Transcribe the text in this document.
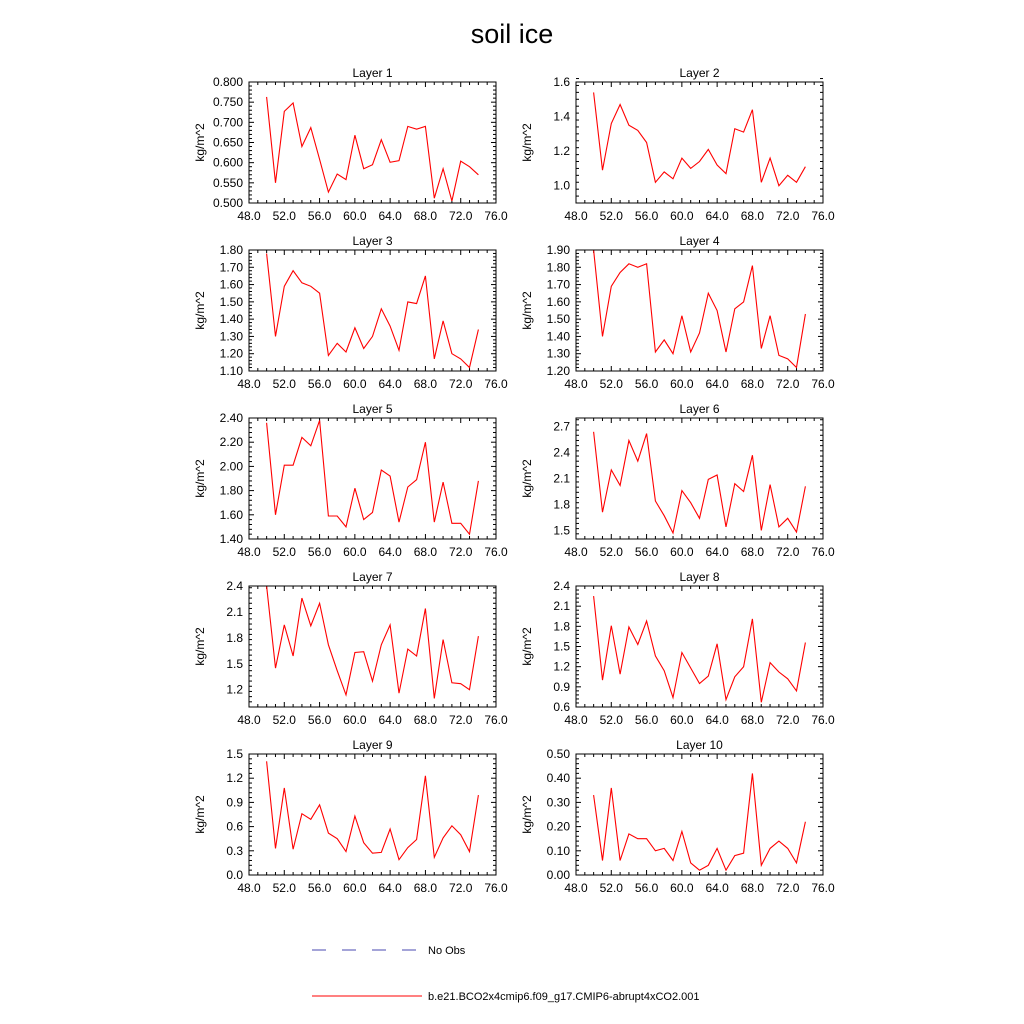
soil ice
Layer 1
kg/m^2
48.0 52.0 56.0 60.0 64.0 68.0 72.0 76.0
0.500
0.550
0.600
0.650
0.700
0.750
0.800
Layer 2
kg/m^2
48.0 52.0 56.0 60.0 64.0 68.0 72.0 76.0
1.0
1.2
1.4
1.6
Layer 3
kg/m^2
48.0 52.0 56.0 60.0 64.0 68.0 72.0 76.0
1.10
1.20
1.30
1.40
1.50
1.60
1.70
1.80
Layer 4
kg/m^2
48.0 52.0 56.0 60.0 64.0 68.0 72.0 76.0
1.20
1.30
1.40
1.50
1.60
1.70
1.80
1.90
Layer 5
kg/m^2
48.0 52.0 56.0 60.0 64.0 68.0 72.0 76.0
1.40
1.60
1.80
2.00
2.20
2.40
Layer 6
kg/m^2
48.0 52.0 56.0 60.0 64.0 68.0 72.0 76.0
1.5
1.8
2.1
2.4
2.7
Layer 7
kg/m^2
48.0 52.0 56.0 60.0 64.0 68.0 72.0 76.0
1.2
1.5
1.8
2.1
2.4
Layer 8
kg/m^2
48.0 52.0 56.0 60.0 64.0 68.0 72.0 76.0
0.6
0.9
1.2
1.5
1.8
2.1
2.4
Layer 9
kg/m^2
48.0 52.0 56.0 60.0 64.0 68.0 72.0 76.0
0.0
0.3
0.6
0.9
1.2
1.5
Layer 10
kg/m^2
48.0 52.0 56.0 60.0 64.0 68.0 72.0 76.0
0.00
0.10
0.20
0.30
0.40
0.50
No Obs
b.e21.BCO2x4cmip6.f09_g17.CMIP6-abrupt4xCO2.001
